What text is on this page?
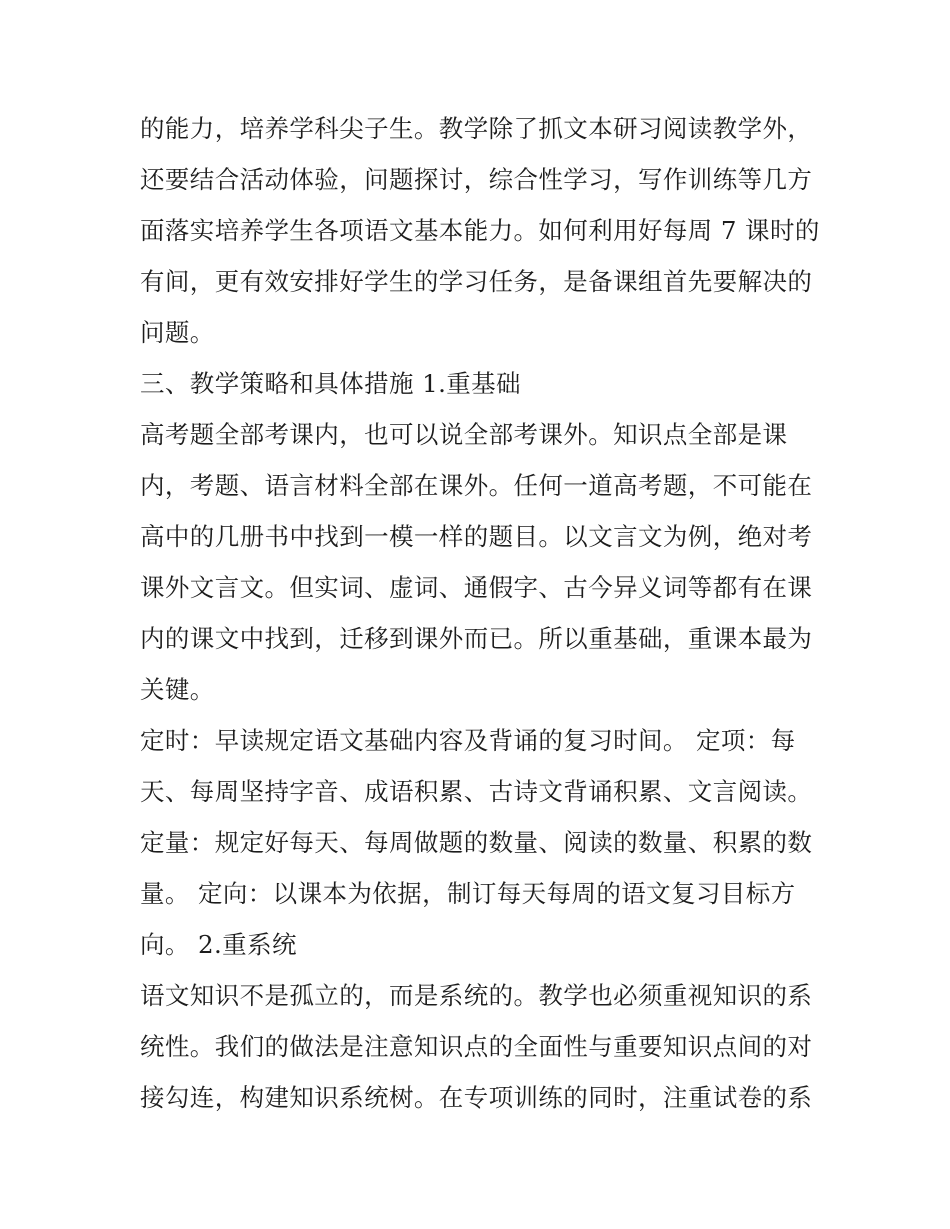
的能力，培养学科尖子生。教学除了抓文本研习阅读教学外，
还要结合活动体验，问题探讨，综合性学习，写作训练等几方
面落实培养学生各项语文基本能力。如何利用好每周 7 课时的
有间，更有效安排好学生的学习任务，是备课组首先要解决的
问题。
三、教学策略和具体措施 1.重基础
高考题全部考课内，也可以说全部考课外。知识点全部是课
内，考题、语言材料全部在课外。任何一道高考题，不可能在
高中的几册书中找到一模一样的题目。以文言文为例，绝对考
课外文言文。但实词、虚词、通假字、古今异义词等都有在课
内的课文中找到，迁移到课外而已。所以重基础，重课本最为
关键。
定时：早读规定语文基础内容及背诵的复习时间。 定项：每
天、每周坚持字音、成语积累、古诗文背诵积累、文言阅读。
定量：规定好每天、每周做题的数量、阅读的数量、积累的数
量。 定向：以课本为依据，制订每天每周的语文复习目标方
向。 2.重系统
语文知识不是孤立的，而是系统的。教学也必须重视知识的系
统性。我们的做法是注意知识点的全面性与重要知识点间的对
接勾连，构建知识系统树。在专项训练的同时，注重试卷的系
